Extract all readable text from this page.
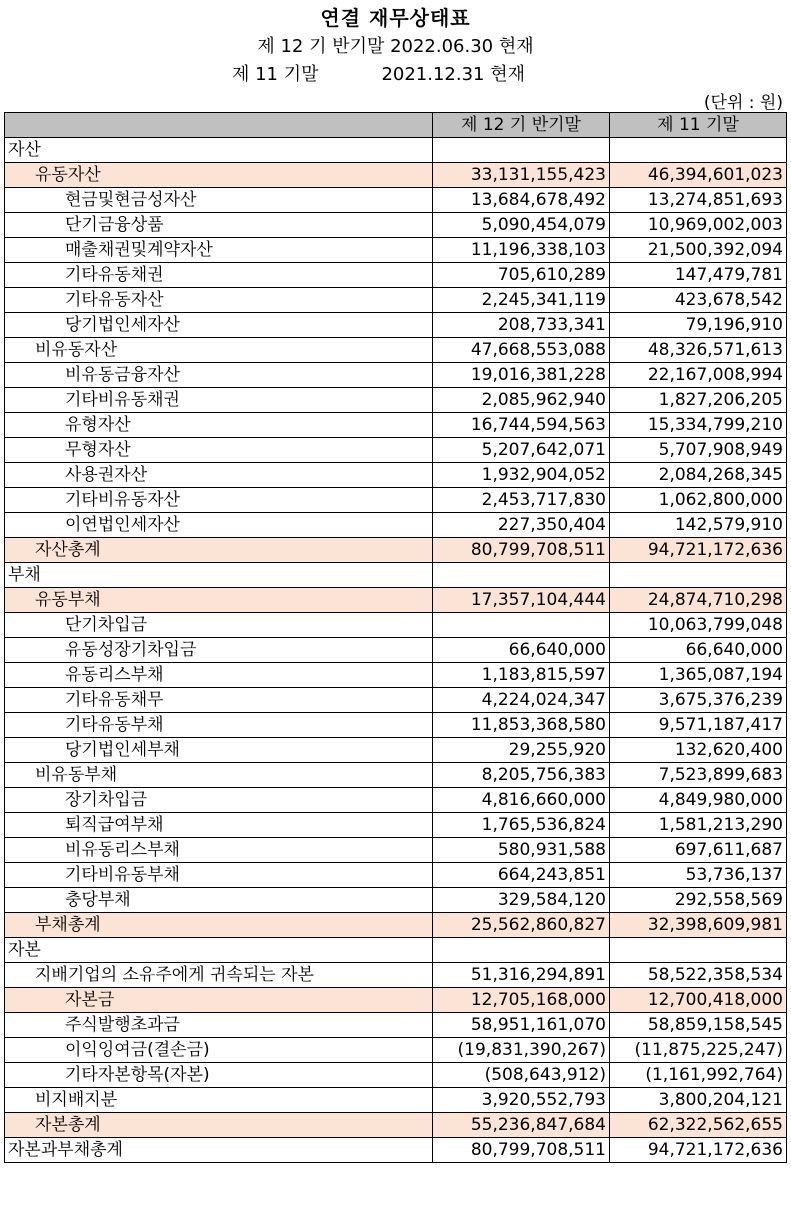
연결 재무상태표
제 12 기 반기말 2022.06.30 현재
제 11 기말           2021.12.31 현재
(단위 : 원)
	제 12 기 반기말	제 11 기말
자산		
유동자산	33,131,155,423	46,394,601,023
현금및현금성자산	13,684,678,492	13,274,851,693
단기금융상품	5,090,454,079	10,969,002,003
매출채권및계약자산	11,196,338,103	21,500,392,094
기타유동채권	705,610,289	147,479,781
기타유동자산	2,245,341,119	423,678,542
당기법인세자산	208,733,341	79,196,910
비유동자산	47,668,553,088	48,326,571,613
비유동금융자산	19,016,381,228	22,167,008,994
기타비유동채권	2,085,962,940	1,827,206,205
유형자산	16,744,594,563	15,334,799,210
무형자산	5,207,642,071	5,707,908,949
사용권자산	1,932,904,052	2,084,268,345
기타비유동자산	2,453,717,830	1,062,800,000
이연법인세자산	227,350,404	142,579,910
자산총계	80,799,708,511	94,721,172,636
부채		
유동부채	17,357,104,444	24,874,710,298
단기차입금		10,063,799,048
유동성장기차입금	66,640,000	66,640,000
유동리스부채	1,183,815,597	1,365,087,194
기타유동채무	4,224,024,347	3,675,376,239
기타유동부채	11,853,368,580	9,571,187,417
당기법인세부채	29,255,920	132,620,400
비유동부채	8,205,756,383	7,523,899,683
장기차입금	4,816,660,000	4,849,980,000
퇴직급여부채	1,765,536,824	1,581,213,290
비유동리스부채	580,931,588	697,611,687
기타비유동부채	664,243,851	53,736,137
충당부채	329,584,120	292,558,569
부채총계	25,562,860,827	32,398,609,981
자본		
지배기업의 소유주에게 귀속되는 자본	51,316,294,891	58,522,358,534
자본금	12,705,168,000	12,700,418,000
주식발행초과금	58,951,161,070	58,859,158,545
이익잉여금(결손금)	(19,831,390,267)	(11,875,225,247)
기타자본항목(자본)	(508,643,912)	(1,161,992,764)
비지배지분	3,920,552,793	3,800,204,121
자본총계	55,236,847,684	62,322,562,655
자본과부채총계	80,799,708,511	94,721,172,636
